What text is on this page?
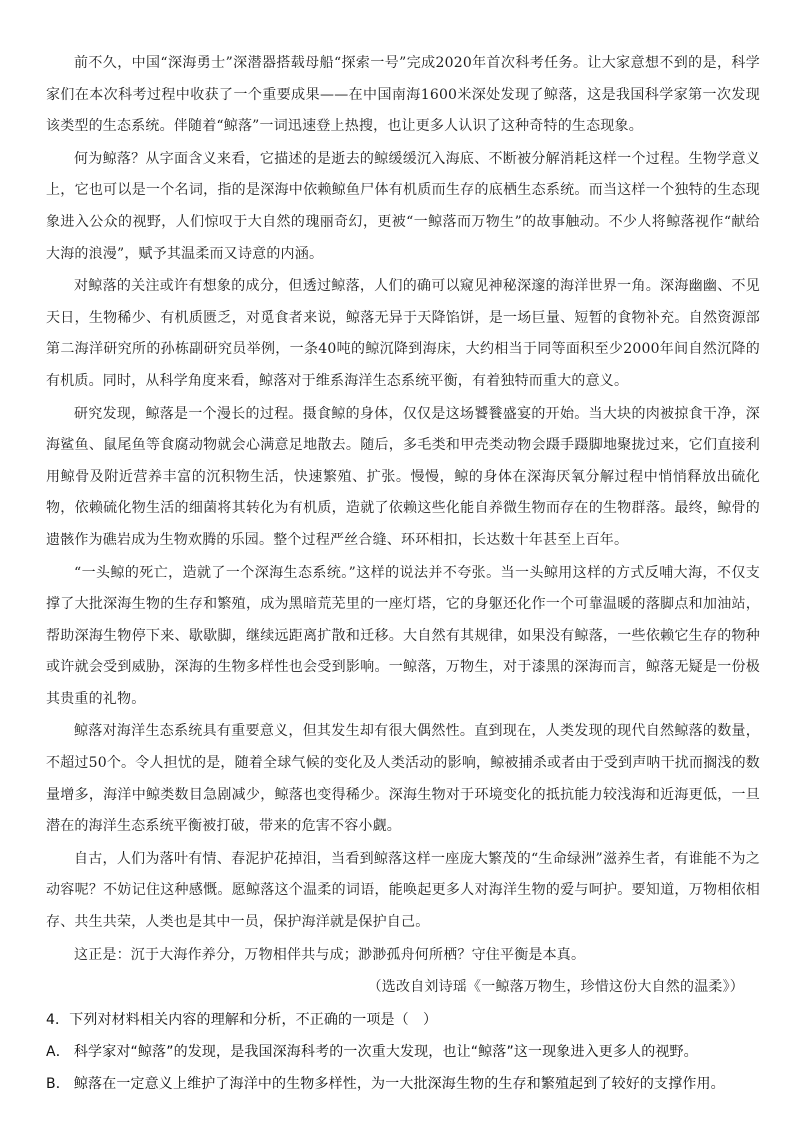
前不久，中国“深海勇士”深潜器搭载母船“探索一号”完成2020年首次科考任务。让大家意想不到的是，科学家们在本次科考过程中收获了一个重要成果——在中国南海1600米深处发现了鲸落，这是我国科学家第一次发现该类型的生态系统。伴随着“鲸落”一词迅速登上热搜，也让更多人认识了这种奇特的生态现象。

何为鲸落？从字面含义来看，它描述的是逝去的鲸缓缓沉入海底、不断被分解消耗这样一个过程。生物学意义上，它也可以是一个名词，指的是深海中依赖鲸鱼尸体有机质而生存的底栖生态系统。而当这样一个独特的生态现象进入公众的视野，人们惊叹于大自然的瑰丽奇幻，更被“一鲸落而万物生”的故事触动。不少人将鲸落视作“献给大海的浪漫”，赋予其温柔而又诗意的内涵。

对鲸落的关注或许有想象的成分，但透过鲸落，人们的确可以窥见神秘深邃的海洋世界一角。深海幽幽、不见天日，生物稀少、有机质匮乏，对觅食者来说，鲸落无异于天降馅饼，是一场巨量、短暂的食物补充。自然资源部第二海洋研究所的孙栋副研究员举例，一条40吨的鲸沉降到海床，大约相当于同等面积至少2000年间自然沉降的有机质。同时，从科学角度来看，鲸落对于维系海洋生态系统平衡，有着独特而重大的意义。

研究发现，鲸落是一个漫长的过程。摄食鲸的身体，仅仅是这场饕餮盛宴的开始。当大块的肉被掠食干净，深海鲨鱼、鼠尾鱼等食腐动物就会心满意足地散去。随后，多毛类和甲壳类动物会蹑手蹑脚地聚拢过来，它们直接利用鲸骨及附近营养丰富的沉积物生活，快速繁殖、扩张。慢慢，鲸的身体在深海厌氧分解过程中悄悄释放出硫化物，依赖硫化物生活的细菌将其转化为有机质，造就了依赖这些化能自养微生物而存在的生物群落。最终，鲸骨的遗骸作为礁岩成为生物欢腾的乐园。整个过程严丝合缝、环环相扣，长达数十年甚至上百年。

“一头鲸的死亡，造就了一个深海生态系统。”这样的说法并不夸张。当一头鲸用这样的方式反哺大海，不仅支撑了大批深海生物的生存和繁殖，成为黑暗荒芜里的一座灯塔，它的身躯还化作一个可靠温暖的落脚点和加油站，帮助深海生物停下来、歇歇脚，继续远距离扩散和迁移。大自然有其规律，如果没有鲸落，一些依赖它生存的物种或许就会受到威胁，深海的生物多样性也会受到影响。一鲸落，万物生，对于漆黑的深海而言，鲸落无疑是一份极其贵重的礼物。

鲸落对海洋生态系统具有重要意义，但其发生却有很大偶然性。直到现在，人类发现的现代自然鲸落的数量，不超过50个。令人担忧的是，随着全球气候的变化及人类活动的影响，鲸被捕杀或者由于受到声呐干扰而搁浅的数量增多，海洋中鲸类数目急剧减少，鲸落也变得稀少。深海生物对于环境变化的抵抗能力较浅海和近海更低，一旦潜在的海洋生态系统平衡被打破，带来的危害不容小觑。

自古，人们为落叶有情、春泥护花掉泪，当看到鲸落这样一座庞大繁茂的“生命绿洲”滋养生者，有谁能不为之动容呢？不妨记住这种感慨。愿鲸落这个温柔的词语，能唤起更多人对海洋生物的爱与呵护。要知道，万物相依相存、共生共荣，人类也是其中一员，保护海洋就是保护自己。

这正是：沉于大海作养分，万物相伴共与成；渺渺孤舟何所栖？守住平衡是本真。

（选改自刘诗瑶《一鲸落万物生，珍惜这份大自然的温柔》）

4．下列对材料相关内容的理解和分析，不正确的一项是（　）

A． 科学家对“鲸落”的发现，是我国深海科考的一次重大发现，也让“鲸落”这一现象进入更多人的视野。

B． 鲸落在一定意义上维护了海洋中的生物多样性，为一大批深海生物的生存和繁殖起到了较好的支撑作用。
